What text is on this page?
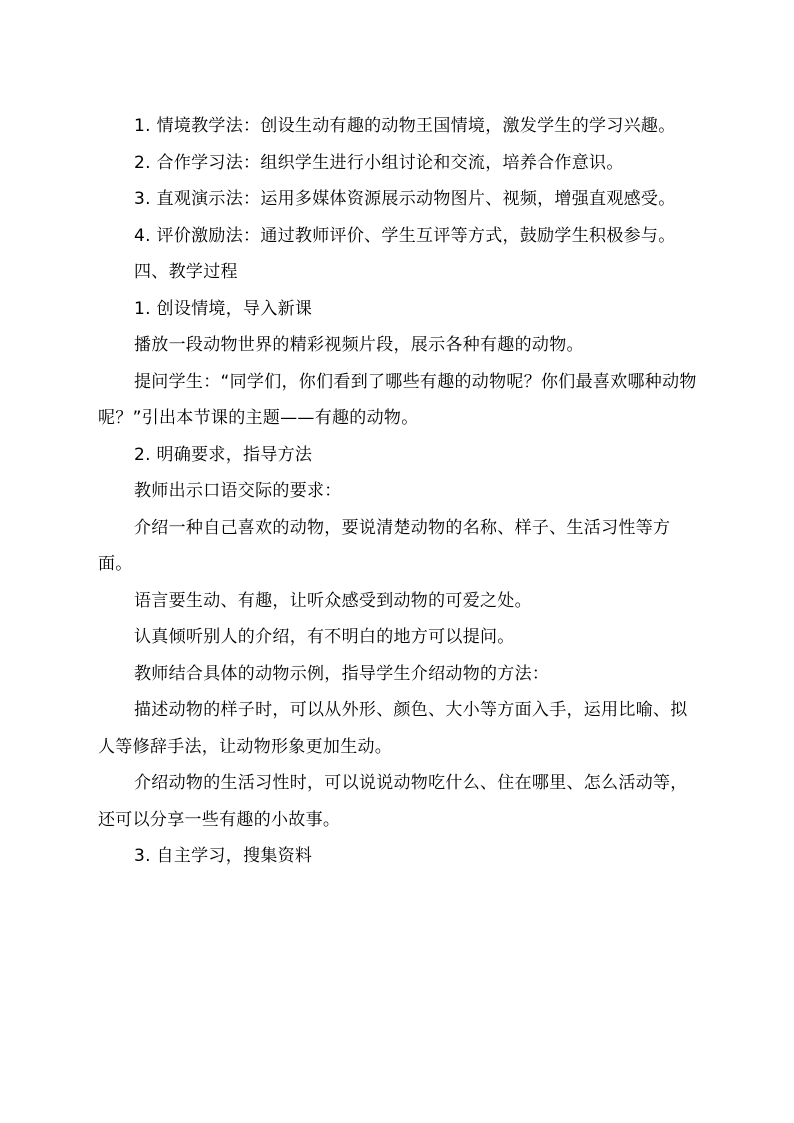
1. 情境教学法：创设生动有趣的动物王国情境，激发学生的学习兴趣。

2. 合作学习法：组织学生进行小组讨论和交流，培养合作意识。

3. 直观演示法：运用多媒体资源展示动物图片、视频，增强直观感受。

4. 评价激励法：通过教师评价、学生互评等方式，鼓励学生积极参与。

四、教学过程

1. 创设情境，导入新课

播放一段动物世界的精彩视频片段，展示各种有趣的动物。

提问学生：“同学们，你们看到了哪些有趣的动物呢？你们最喜欢哪种动物呢？”引出本节课的主题——有趣的动物。

2. 明确要求，指导方法

教师出示口语交际的要求：

介绍一种自己喜欢的动物，要说清楚动物的名称、样子、生活习性等方面。

语言要生动、有趣，让听众感受到动物的可爱之处。

认真倾听别人的介绍，有不明白的地方可以提问。

教师结合具体的动物示例，指导学生介绍动物的方法：

描述动物的样子时，可以从外形、颜色、大小等方面入手，运用比喻、拟人等修辞手法，让动物形象更加生动。

介绍动物的生活习性时，可以说说动物吃什么、住在哪里、怎么活动等，还可以分享一些有趣的小故事。

3. 自主学习，搜集资料
